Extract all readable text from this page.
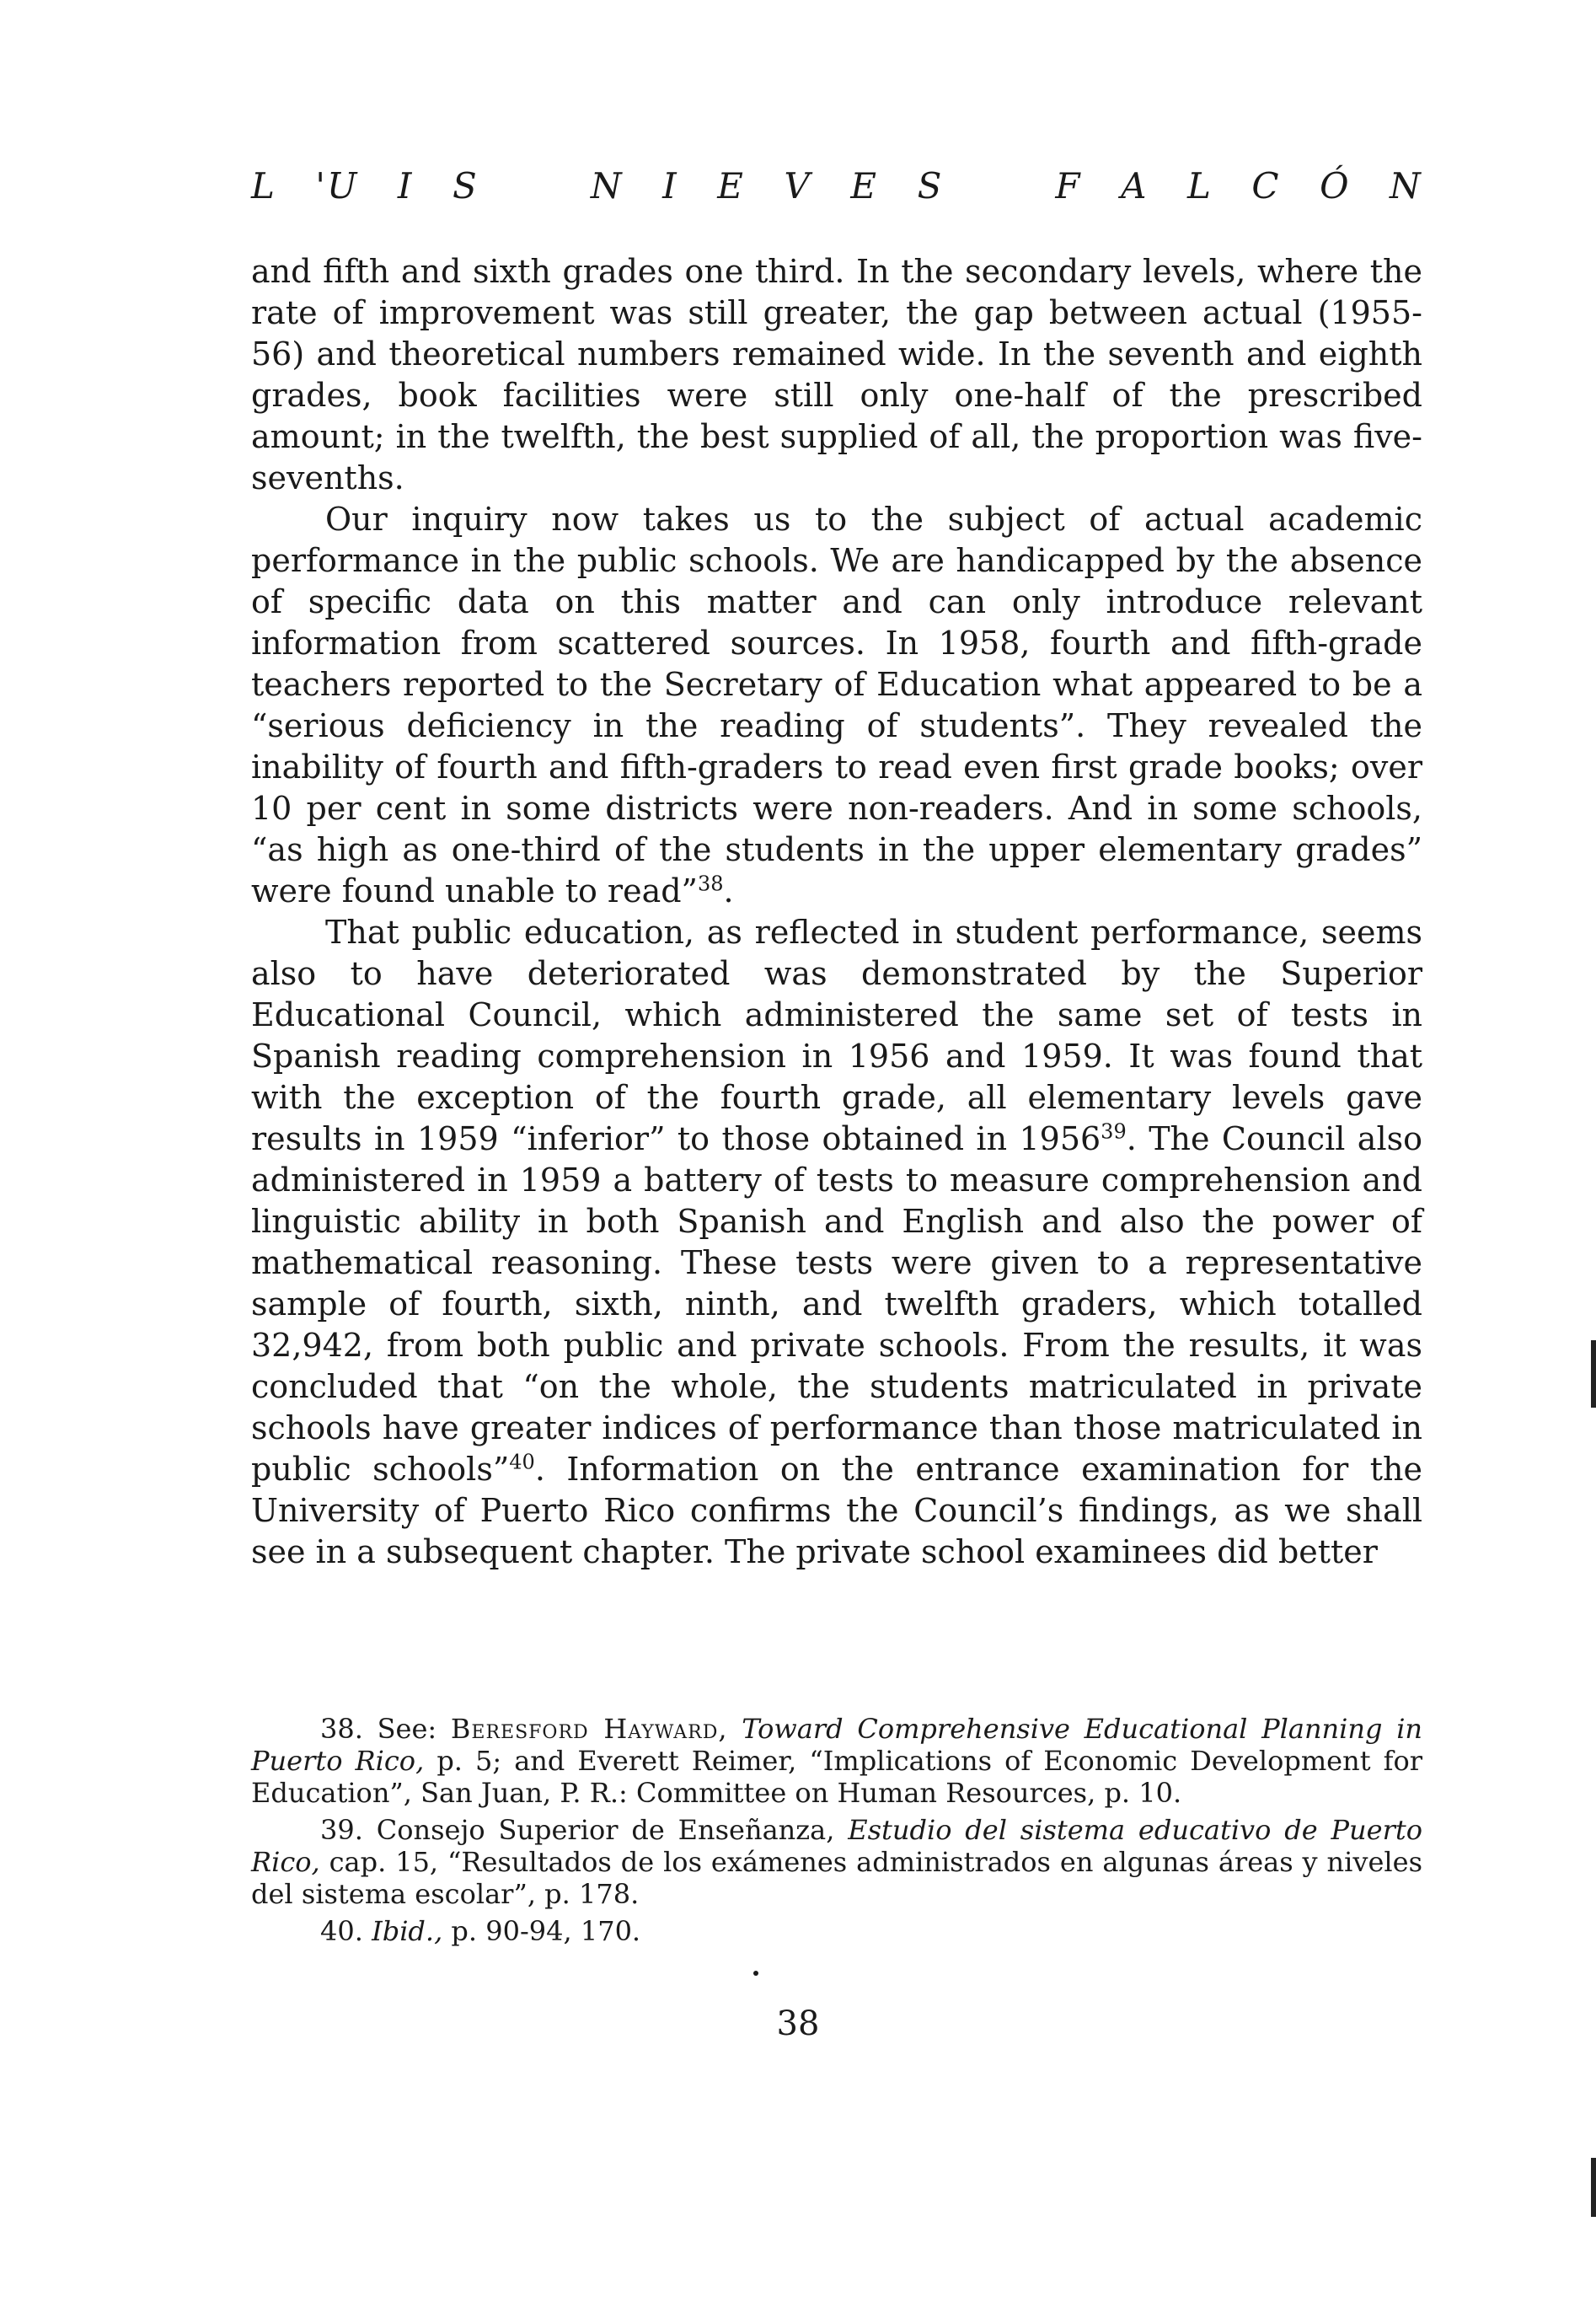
L 'U I S	N I E V E S	F A L C Ó N

and fifth and sixth grades one third. In the secondary levels, where the rate of improvement was still greater, the gap between actual (1955-56) and theoretical numbers remained wide. In the seventh and eighth grades, book facilities were still only one-half of the prescribed amount; in the twelfth, the best supplied of all, the proportion was five-sevenths.

Our inquiry now takes us to the subject of actual academic performance in the public schools. We are handicapped by the absence of specific data on this matter and can only introduce relevant information from scattered sources. In 1958, fourth and fifth-grade teachers reported to the Secretary of Education what appeared to be a “serious deficiency in the reading of students”. They revealed the inability of fourth and fifth-graders to read even first grade books; over 10 per cent in some districts were non-readers. And in some schools, “as high as one-third of the students in the upper elementary grades” were found unable to read”$^{38}$.

That public education, as reflected in student performance, seems also to have deteriorated was demonstrated by the Superior Educational Council, which administered the same set of tests in Spanish reading comprehension in 1956 and 1959. It was found that with the exception of the fourth grade, all elementary levels gave results in 1959 “inferior” to those obtained in 1956$^{39}$. The Council also administered in 1959 a battery of tests to measure comprehension and linguistic ability in both Spanish and English and also the power of mathematical reasoning. These tests were given to a representative sample of fourth, sixth, ninth, and twelfth graders, which totalled 32,942, from both public and private schools. From the results, it was concluded that “on the whole, the students matriculated in private schools have greater indices of performance than those matriculated in public schools”$^{40}$. Information on the entrance examination for the University of Puerto Rico confirms the Council’s findings, as we shall see in a subsequent chapter. The private school examinees did better

38. See: Beresford Hayward, Toward Comprehensive Educational Planning in Puerto Rico, p. 5; and Everett Reimer, “Implications of Economic Development for Education”, San Juan, P. R.: Committee on Human Resources, p. 10.

39. Consejo Superior de Enseñanza, Estudio del sistema educativo de Puerto Rico, cap. 15, “Resultados de los exámenes administrados en algunas áreas y niveles del sistema escolar”, p. 178.

40. Ibid., p. 90-94, 170.

38
